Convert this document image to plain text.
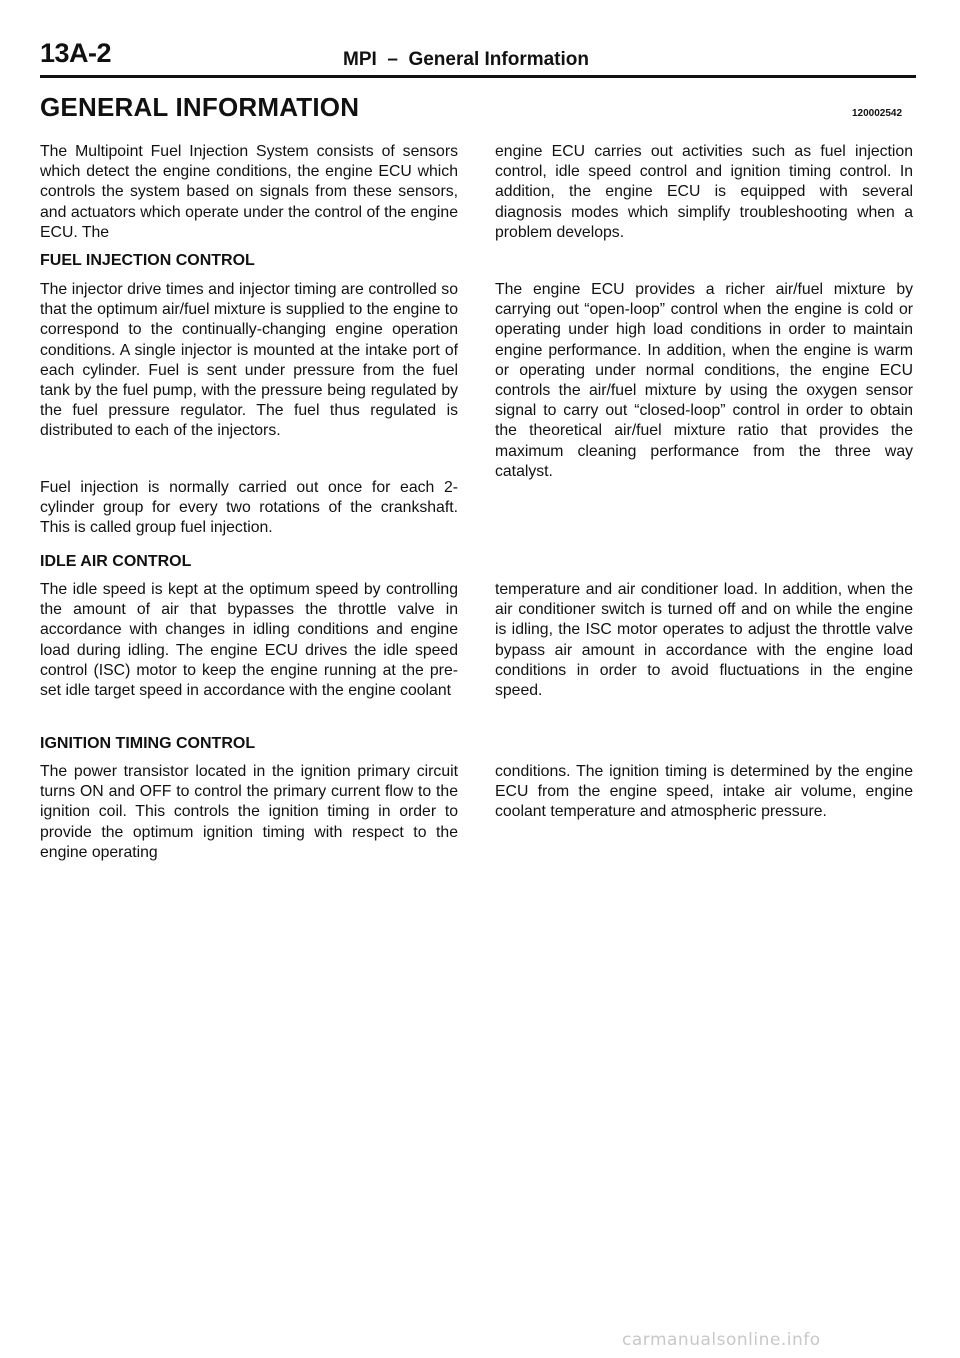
13A-2	MPI  –  General Information
GENERAL INFORMATION	120002542

The Multipoint Fuel Injection System consists of sensors which detect the engine conditions, the engine ECU which controls the system based on signals from these sensors, and actuators which operate under the control of the engine ECU. The

engine ECU carries out activities such as fuel injection control, idle speed control and ignition timing control. In addition, the engine ECU is equipped with several diagnosis modes which simplify troubleshooting when a problem develops.

FUEL INJECTION CONTROL

The injector drive times and injector timing are controlled so that the optimum air/fuel mixture is supplied to the engine to correspond to the continually-changing engine operation conditions. A single injector is mounted at the intake port of each cylinder. Fuel is sent under pressure from the fuel tank by the fuel pump, with the pressure being regulated by the fuel pressure regulator. The fuel thus regulated is distributed to each of the injectors.

Fuel injection is normally carried out once for each 2-cylinder group for every two rotations of the crankshaft. This is called group fuel injection.

The engine ECU provides a richer air/fuel mixture by carrying out “open-loop” control when the engine is cold or operating under high load conditions in order to maintain engine performance. In addition, when the engine is warm or operating under normal conditions, the engine ECU controls the air/fuel mixture by using the oxygen sensor signal to carry out “closed-loop” control in order to obtain the theoretical air/fuel mixture ratio that provides the maximum cleaning performance from the three way catalyst.

IDLE AIR CONTROL

The idle speed is kept at the optimum speed by controlling the amount of air that bypasses the throttle valve in accordance with changes in idling conditions and engine load during idling. The engine ECU drives the idle speed control (ISC) motor to keep the engine running at the pre-set idle target speed in accordance with the engine coolant

temperature and air conditioner load. In addition, when the air conditioner switch is turned off and on while the engine is idling, the ISC motor operates to adjust the throttle valve bypass air amount in accordance with the engine load conditions in order to avoid fluctuations in the engine speed.

IGNITION TIMING CONTROL

The power transistor located in the ignition primary circuit turns ON and OFF to control the primary current flow to the ignition coil. This controls the ignition timing in order to provide the optimum ignition timing with respect to the engine operating

conditions. The ignition timing is determined by the engine ECU from the engine speed, intake air volume, engine coolant temperature and atmospheric pressure.

carmanualsonline.info
